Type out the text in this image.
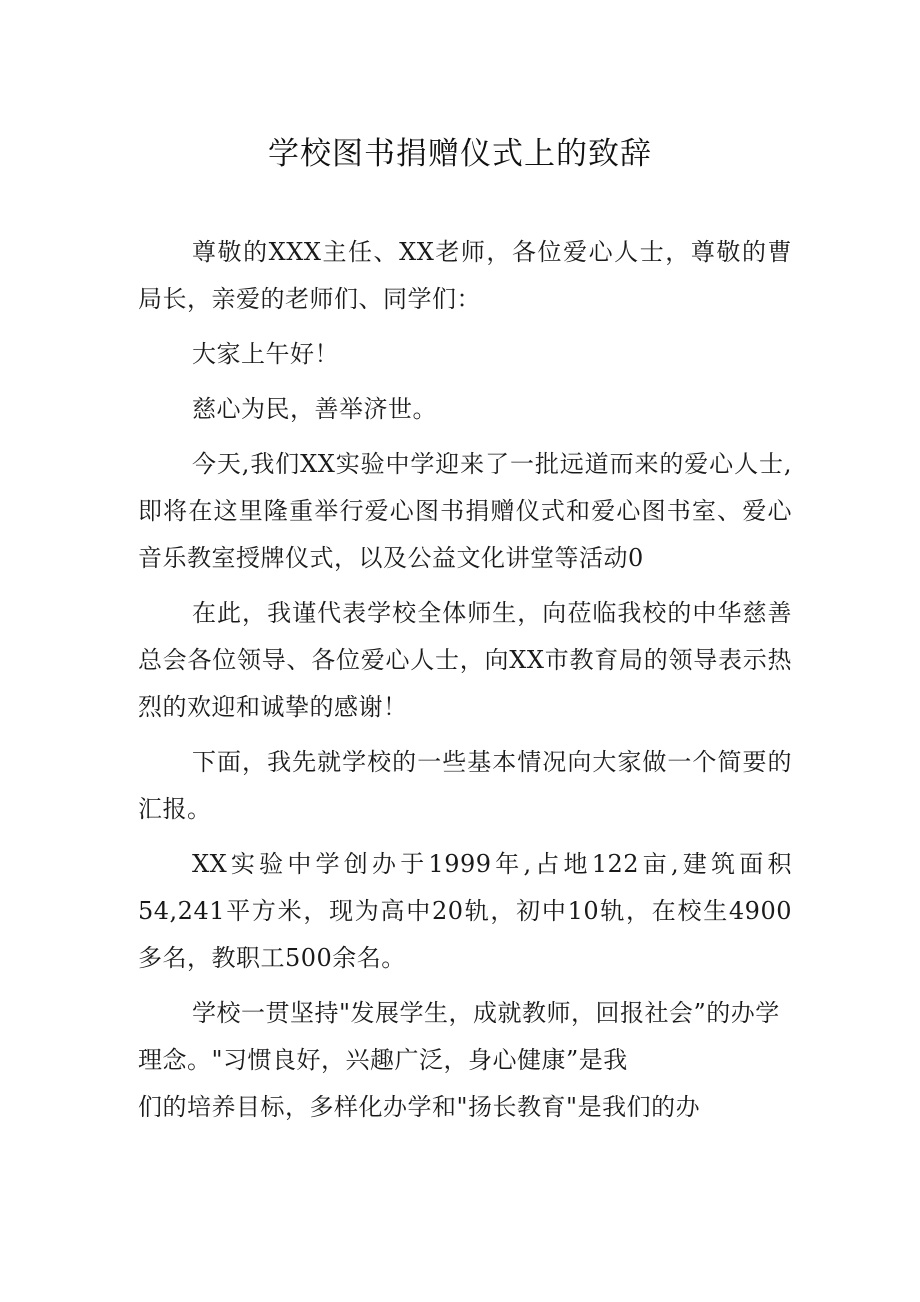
学校图书捐赠仪式上的致辞

尊敬的XXX主任、XX老师，各位爱心人士，尊敬的曹局长，亲爱的老师们、同学们：

大家上午好！

慈心为民，善举济世。

今天,我们XX实验中学迎来了一批远道而来的爱心人士,即将在这里隆重举行爱心图书捐赠仪式和爱心图书室、爱心音乐教室授牌仪式，以及公益文化讲堂等活动0

在此，我谨代表学校全体师生，向莅临我校的中华慈善总会各位领导、各位爱心人士，向XX市教育局的领导表示热烈的欢迎和诚挚的感谢！

下面，我先就学校的一些基本情况向大家做一个简要的汇报。

XX实验中学创办于1999年,占地122亩,建筑面积54,241平方米，现为高中20轨，初中10轨，在校生4900多名，教职工500余名。

学校一贯坚持"发展学生，成就教师，回报社会”的办学理念。"习惯良好，兴趣广泛，身心健康”是我
们的培养目标，多样化办学和"扬长教育"是我们的办
